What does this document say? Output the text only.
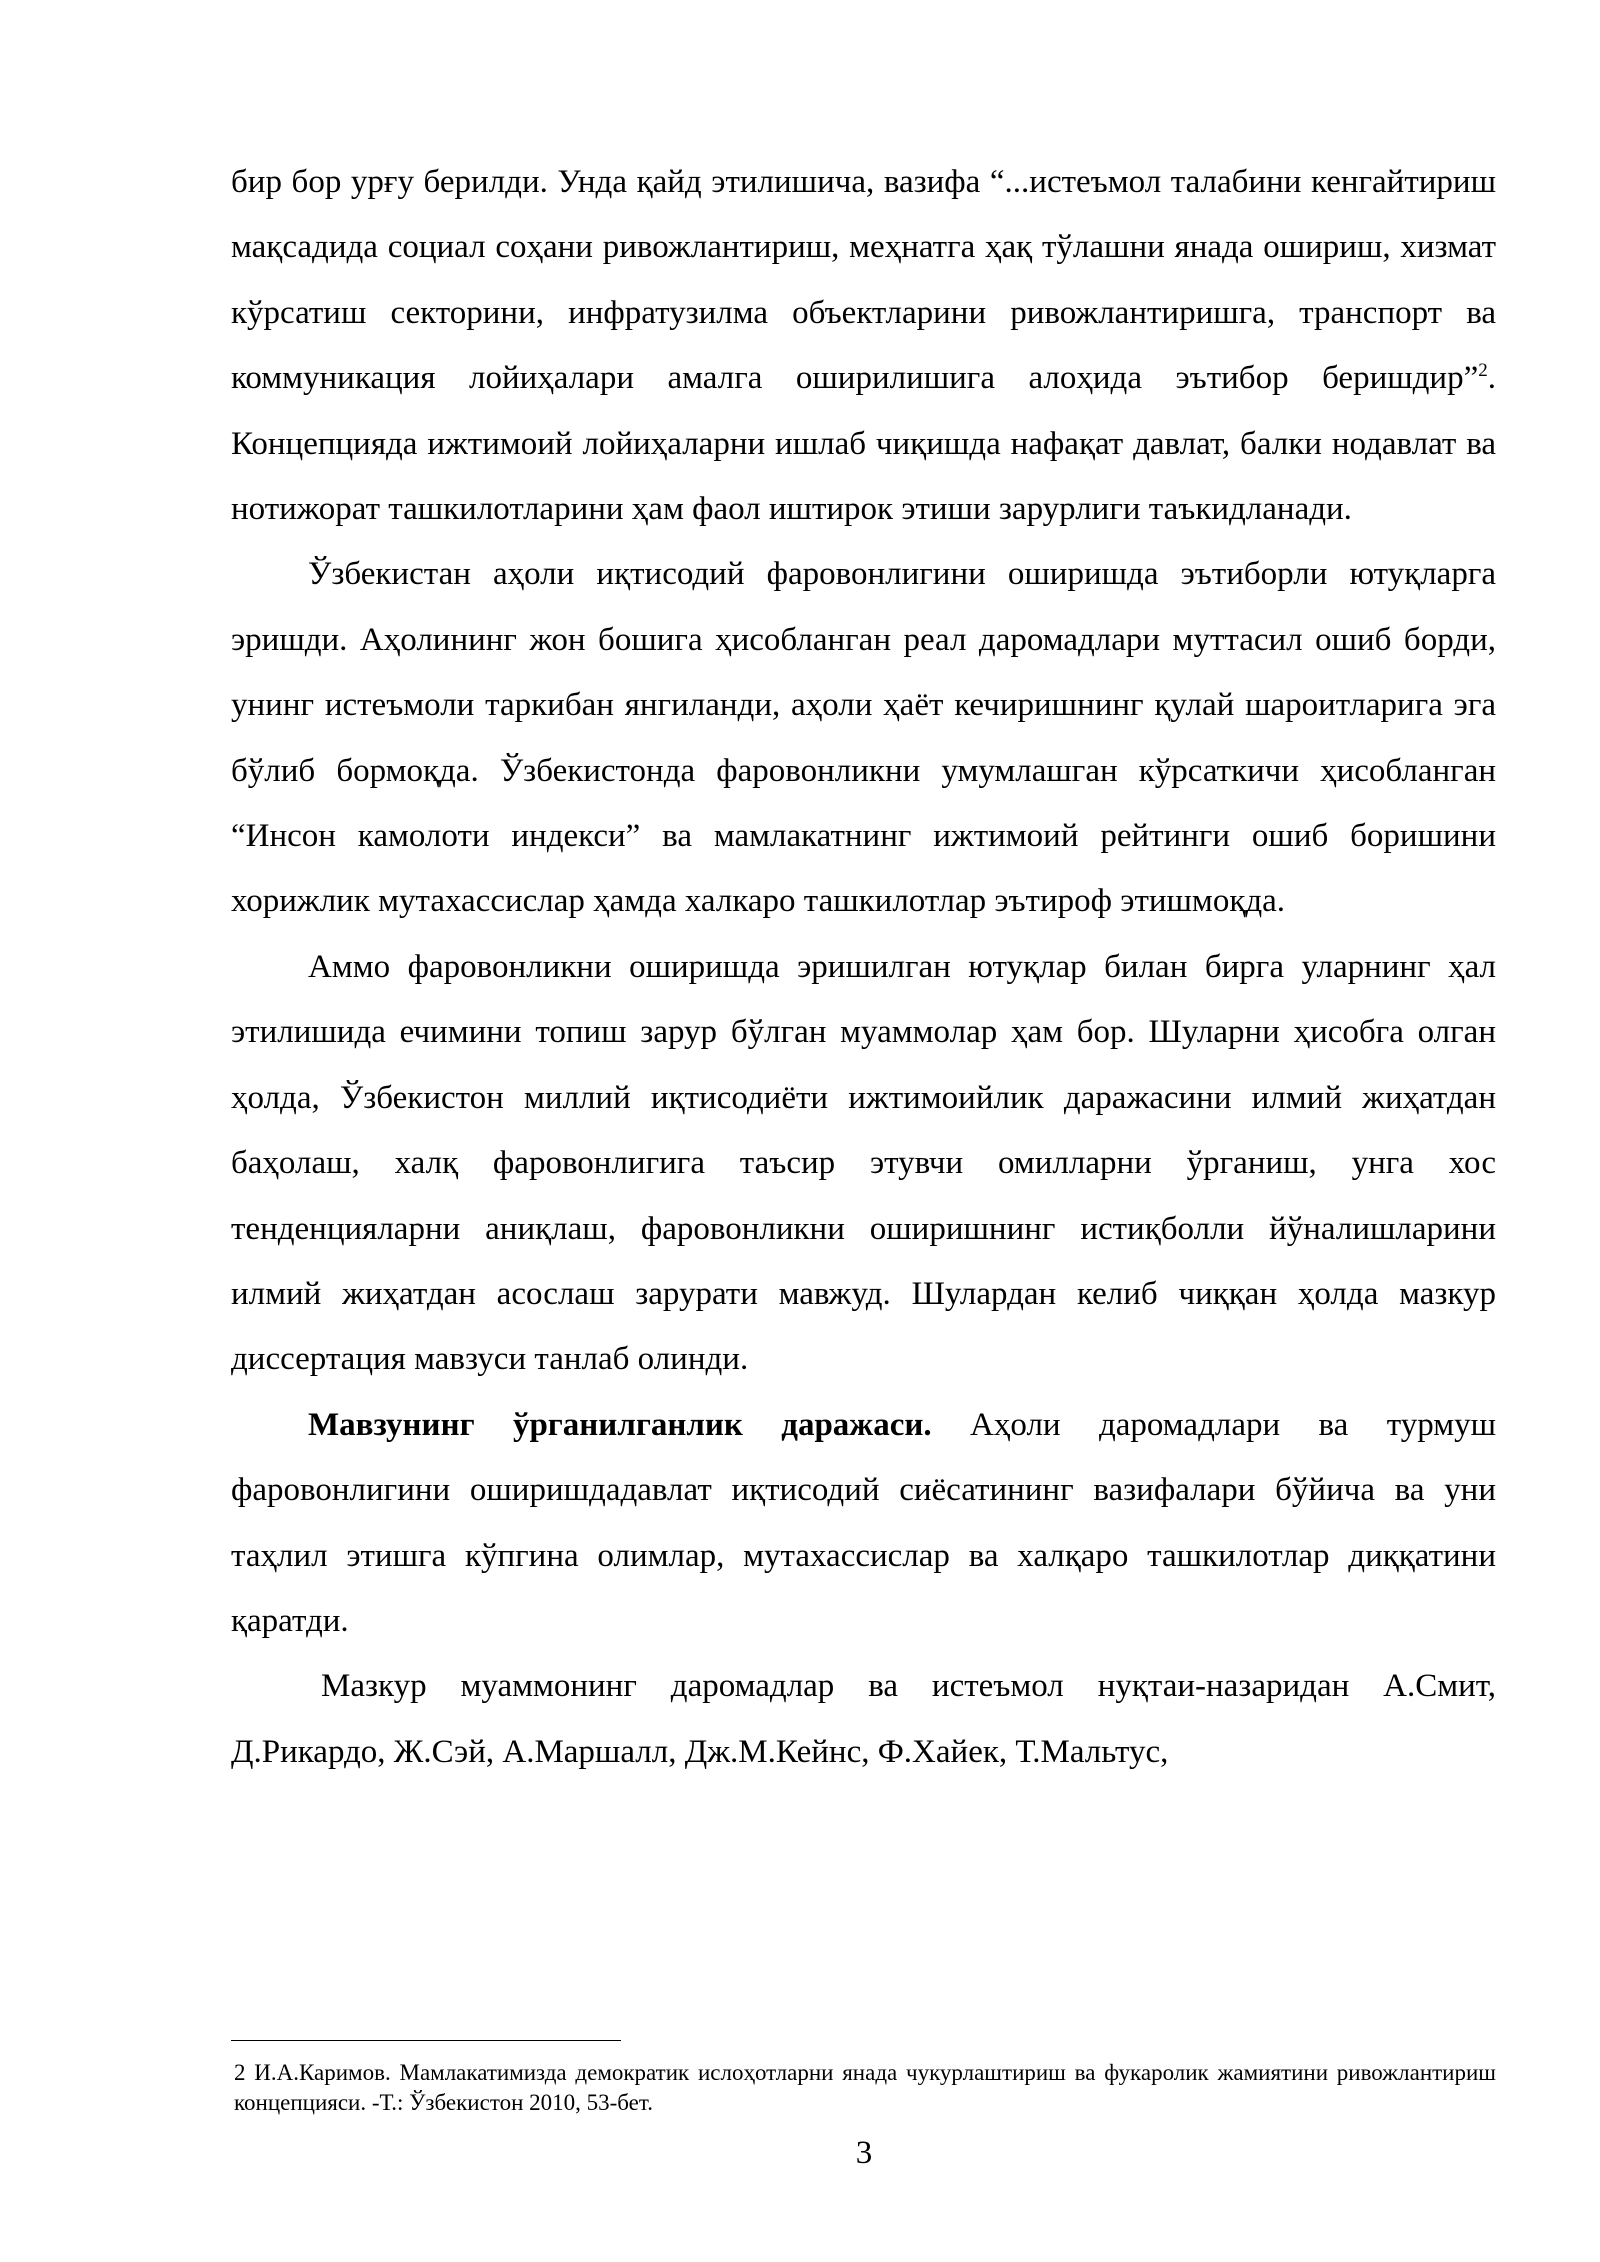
бир бор урғу берилди. Унда қайд этилишича, вазифа “...истеъмол талабини кенгайтириш мақсадида социал соҳани ривожлантириш, меҳнатга ҳақ тўлашни янада ошириш, хизмат кўрсатиш секторини, инфратузилма объектларини ривожлантиришга, транспорт ва коммуникация лойиҳалари амалга оширилишига алоҳида эътибор беришдир”$^2$. Концепцияда ижтимоий лойиҳаларни ишлаб чиқишда нафақат давлат, балки нодавлат ва нотижорат ташкилотларини ҳам фаол иштирок этиши зарурлиги таъкидланади.

Ўзбекистан аҳоли иқтисодий фаровонлигини оширишда эътиборли ютуқларга эришди. Аҳолининг жон бошига ҳисобланган реал даромадлари муттасил ошиб борди, унинг истеъмоли таркибан янгиланди, аҳоли ҳаёт кечиришнинг қулай шароитларига эга бўлиб бормоқда. Ўзбекистонда фаровонликни умумлашган кўрсаткичи ҳисобланган “Инсон камолоти индекси” ва мамлакатнинг ижтимоий рейтинги ошиб боришини хорижлик мутахассислар ҳамда халкаро ташкилотлар эътироф этишмоқда.

Аммо фаровонликни оширишда эришилган ютуқлар билан бирга уларнинг ҳал этилишида ечимини топиш зарур бўлган муаммолар ҳам бор. Шуларни ҳисобга олган ҳолда, Ўзбекистон миллий иқтисодиёти ижтимоийлик даражасини илмий жиҳатдан баҳолаш, халқ фаровонлигига таъсир этувчи омилларни ўрганиш, унга хос тенденцияларни аниқлаш, фаровонликни оширишнинг истиқболли йўналишларини илмий жиҳатдан асослаш зарурати мавжуд. Шулардан келиб чиққан ҳолда мазкур диссертация мавзуси танлаб олинди.

Мавзунинг ўрганилганлик даражаси. Аҳоли даромадлари ва турмуш фаровонлигини оширишдадавлат иқтисодий сиёсатининг вазифалари бўйича ва уни таҳлил этишга кўпгина олимлар, мутахассислар ва халқаро ташкилотлар диққатини қаратди.

Мазкур муаммонинг даромадлар ва истеъмол нуқтаи-назаридан А.Смит, Д.Рикардо, Ж.Сэй, А.Маршалл, Дж.М.Кейнс, Ф.Хайек, Т.Мальтус,

2 И.А.Каримов. Мамлакатимизда демократик ислоҳотларни янада чукурлаштириш ва фукаролик жамиятини ривожлантириш концепцияси. -Т.: Ўзбекистон 2010, 53-бет.

3
